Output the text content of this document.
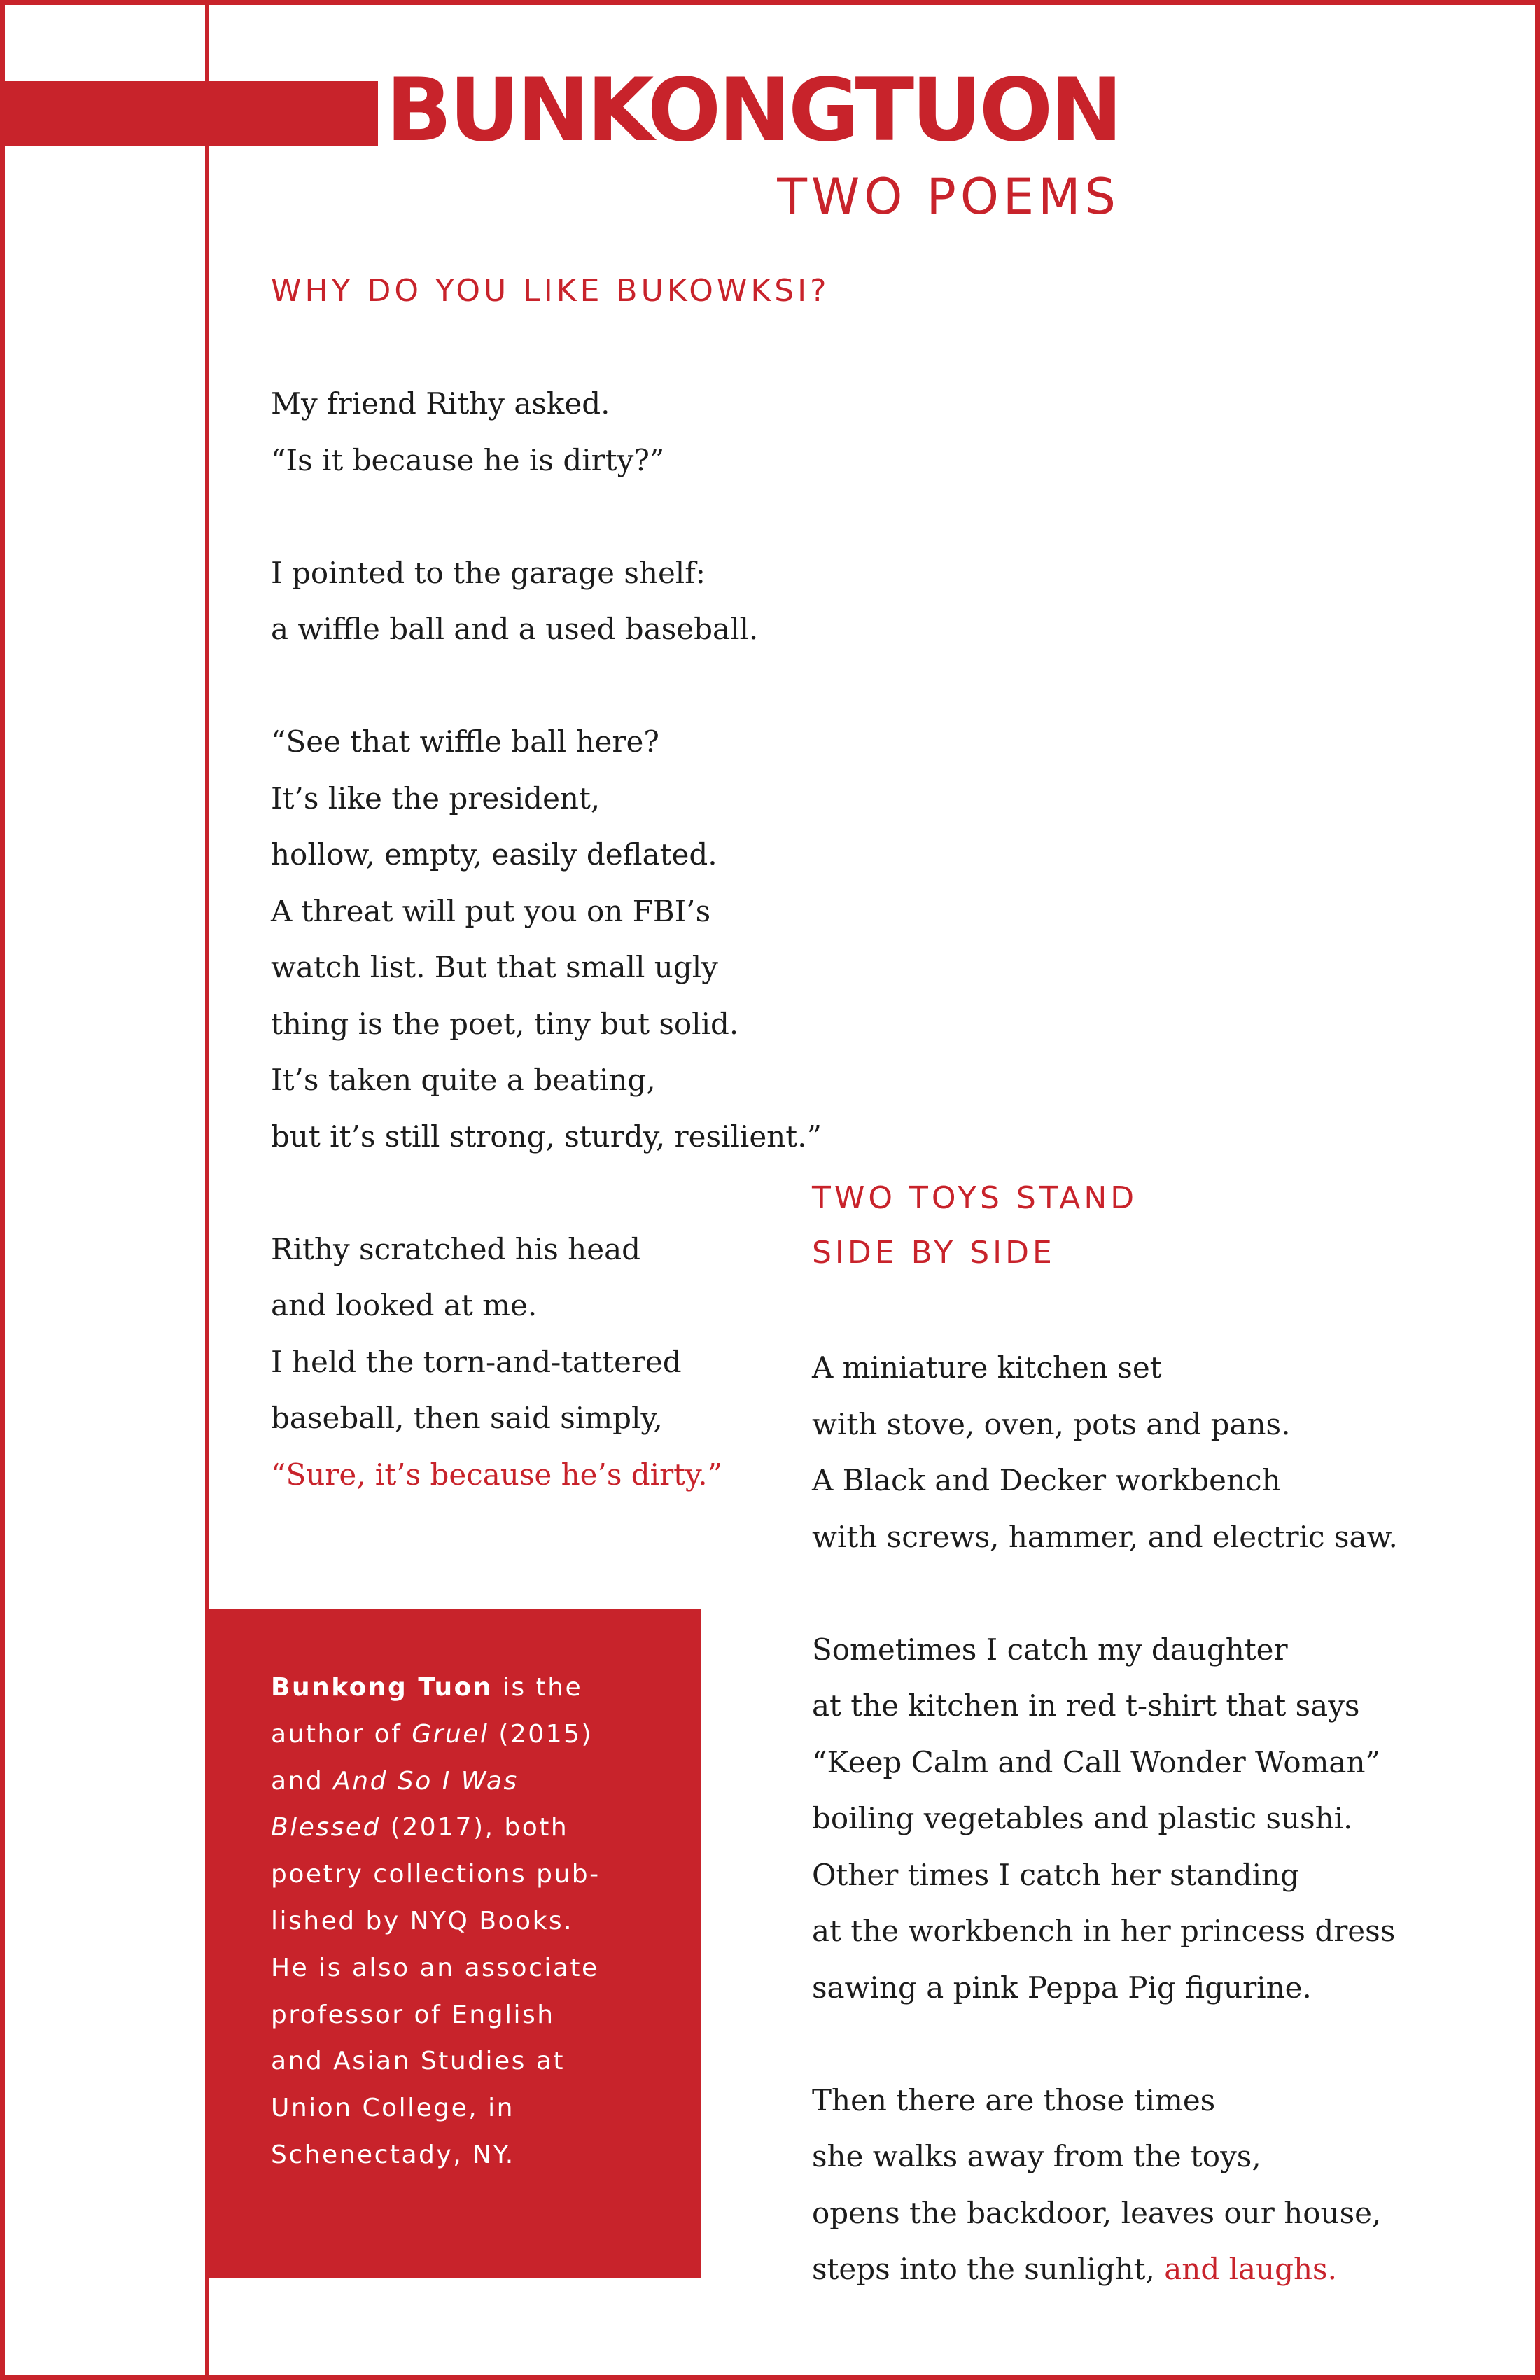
BUNKONGTUON
TWO POEMS
WHY DO YOU LIKE BUKOWKSI?
My friend Rithy asked.
“Is it because he is dirty?”
I pointed to the garage shelf:
a wiffle ball and a used baseball.
“See that wiffle ball here?
It’s like the president,
hollow, empty, easily deflated.
A threat will put you on FBI’s
watch list. But that small ugly
thing is the poet, tiny but solid.
It’s taken quite a beating,
but it’s still strong, sturdy, resilient.”
Rithy scratched his head
and looked at me.
I held the torn-and-tattered
baseball, then said simply,
“Sure, it’s because he’s dirty.”
TWO TOYS STAND
SIDE BY SIDE
A miniature kitchen set
with stove, oven, pots and pans.
A Black and Decker workbench
with screws, hammer, and electric saw.
Sometimes I catch my daughter
at the kitchen in red t-shirt that says
“Keep Calm and Call Wonder Woman”
boiling vegetables and plastic sushi.
Other times I catch her standing
at the workbench in her princess dress
sawing a pink Peppa Pig figurine.
Then there are those times
she walks away from the toys,
opens the backdoor, leaves our house,
steps into the sunlight, and laughs.
Bunkong Tuon is the
author of Gruel (2015)
and And So I Was
Blessed (2017), both
poetry collections pub-
lished by NYQ Books.
He is also an associate
professor of English
and Asian Studies at
Union College, in
Schenectady, NY.
